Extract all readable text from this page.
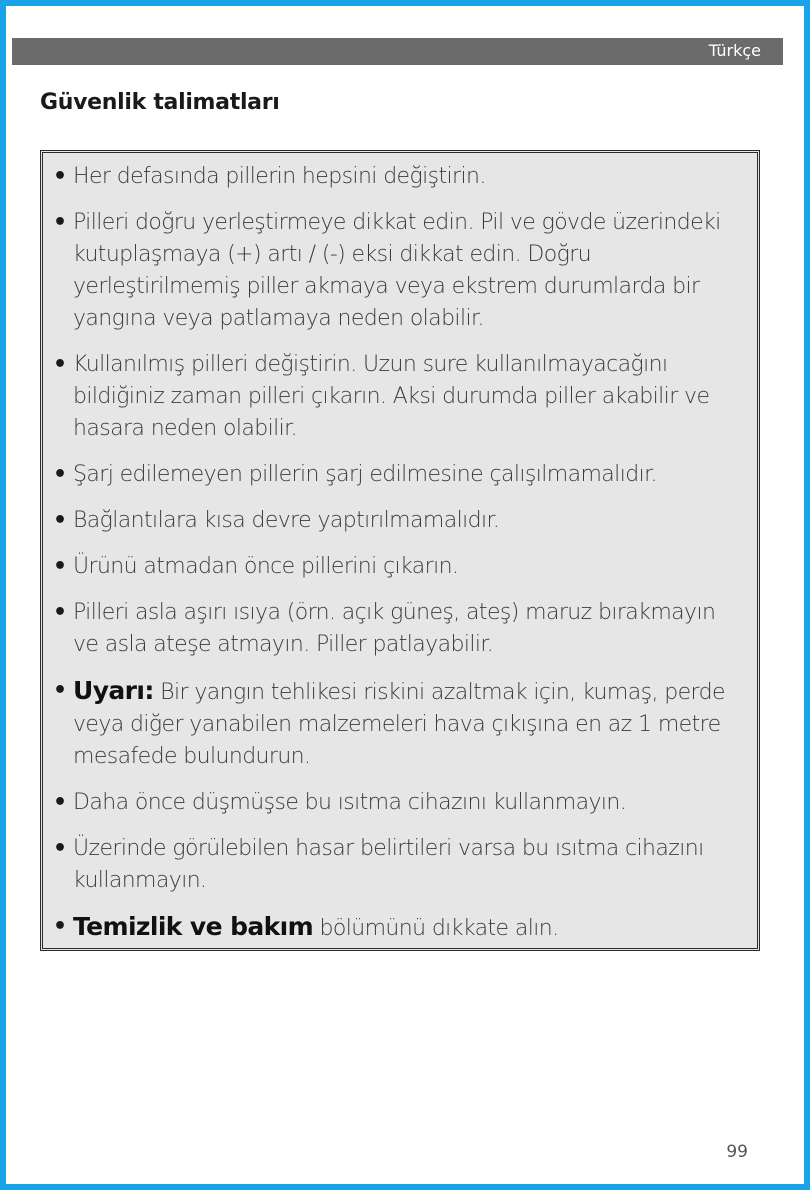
Türkçe
Güvenlik talimatları
• Her defasında pillerin hepsini değiştirin.
• Pilleri doğru yerleştirmeye dikkat edin. Pil ve gövde üzerindeki kutuplaşmaya (+) artı / (-) eksi dikkat edin. Doğru yerleştirilmemiş piller akmaya veya ekstrem durumlarda bir yangına veya patlamaya neden olabilir.
• Kullanılmış pilleri değiştirin. Uzun sure kullanılmayacağını bildiğiniz zaman pilleri çıkarın. Aksi durumda piller akabilir ve hasara neden olabilir.
• Şarj edilemeyen pillerin şarj edilmesine çalışılmamalıdır.
• Bağlantılara kısa devre yaptırılmamalıdır.
• Ürünü atmadan önce pillerini çıkarın.
• Pilleri asla aşırı ısıya (örn. açık güneş, ateş) maruz bırakmayın ve asla ateşe atmayın. Piller patlayabilir.
• Uyarı: Bir yangın tehlikesi riskini azaltmak için, kumaş, perde veya diğer yanabilen malzemeleri hava çıkışına en az 1 metre mesafede bulundurun.
• Daha önce düşmüşse bu ısıtma cihazını kullanmayın.
• Üzerinde görülebilen hasar belirtileri varsa bu ısıtma cihazını kullanmayın.
• Temizlik ve bakım bölümünü dıkkate alın.
99
